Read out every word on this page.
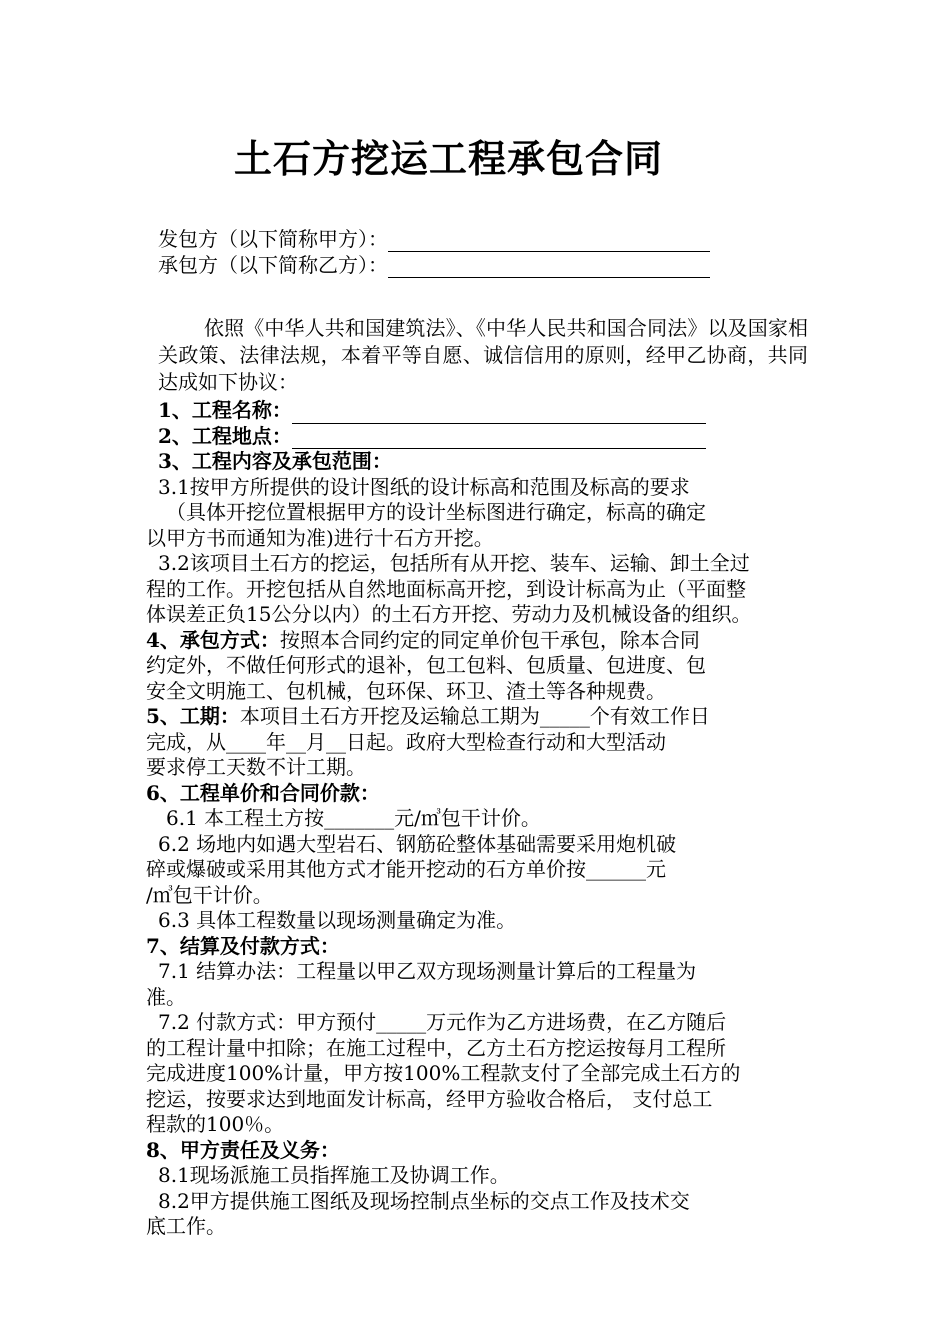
土石方挖运工程承包合同
发包方（以下简称甲方）：
承包方（以下简称乙方）：

依照《中华人共和国建筑法》、《中华人民共和国合同法》以及国家相关政策、法律法规，本着平等自愿、诚信信用的原则，经甲乙协商，共同达成如下协议：

1、工程名称：
2、工程地点：
3、工程内容及承包范围：
3.1按甲方所提供的设计图纸的设计标高和范围及标高的要求
（具体开挖位置根据甲方的设计坐标图进行确定，标高的确定
以甲方书而通知为准)进行十石方开挖。
3.2该项目土石方的挖运，包括所有从开挖、装车、运输、卸土全过
程的工作。开挖包括从自然地面标高开挖，到设计标高为止（平面整
体误差正负15公分以内）的土石方开挖、劳动力及机械设备的组织。
4、承包方式：按照本合同约定的同定单价包干承包，除本合同
约定外，不做任何形式的退补，包工包料、包质量、包进度、包
安全文明施工、包机械，包环保、环卫、渣土等各种规费。
5、工期：本项目土石方开挖及运输总工期为_____个有效工作日
完成，从____年__月__日起。政府大型检查行动和大型活动
要求停工天数不计工期。
6、工程单价和合同价款：
6.1 本工程土方按_______元/㎥包干计价。
6.2 场地内如遇大型岩石、钢筋砼整体基础需要采用炮机破
碎或爆破或采用其他方式才能开挖动的石方单价按______元
/㎥包干计价。
6.3 具体工程数量以现场测量确定为准。
7、结算及付款方式：
7.1 结算办法：工程量以甲乙双方现场测量计算后的工程量为
准。
7.2 付款方式：甲方预付_____万元作为乙方进场费，在乙方随后
的工程计量中扣除；在施工过程中，乙方土石方挖运按每月工程所
完成进度100%计量，甲方按100%工程款支付了全部完成土石方的
挖运，按要求达到地面发计标高，经甲方验收合格后， 支付总工
程款的100％。
8、甲方责任及义务：
8.1现场派施工员指挥施工及协调工作。
8.2甲方提供施工图纸及现场控制点坐标的交点工作及技术交
底工作。
